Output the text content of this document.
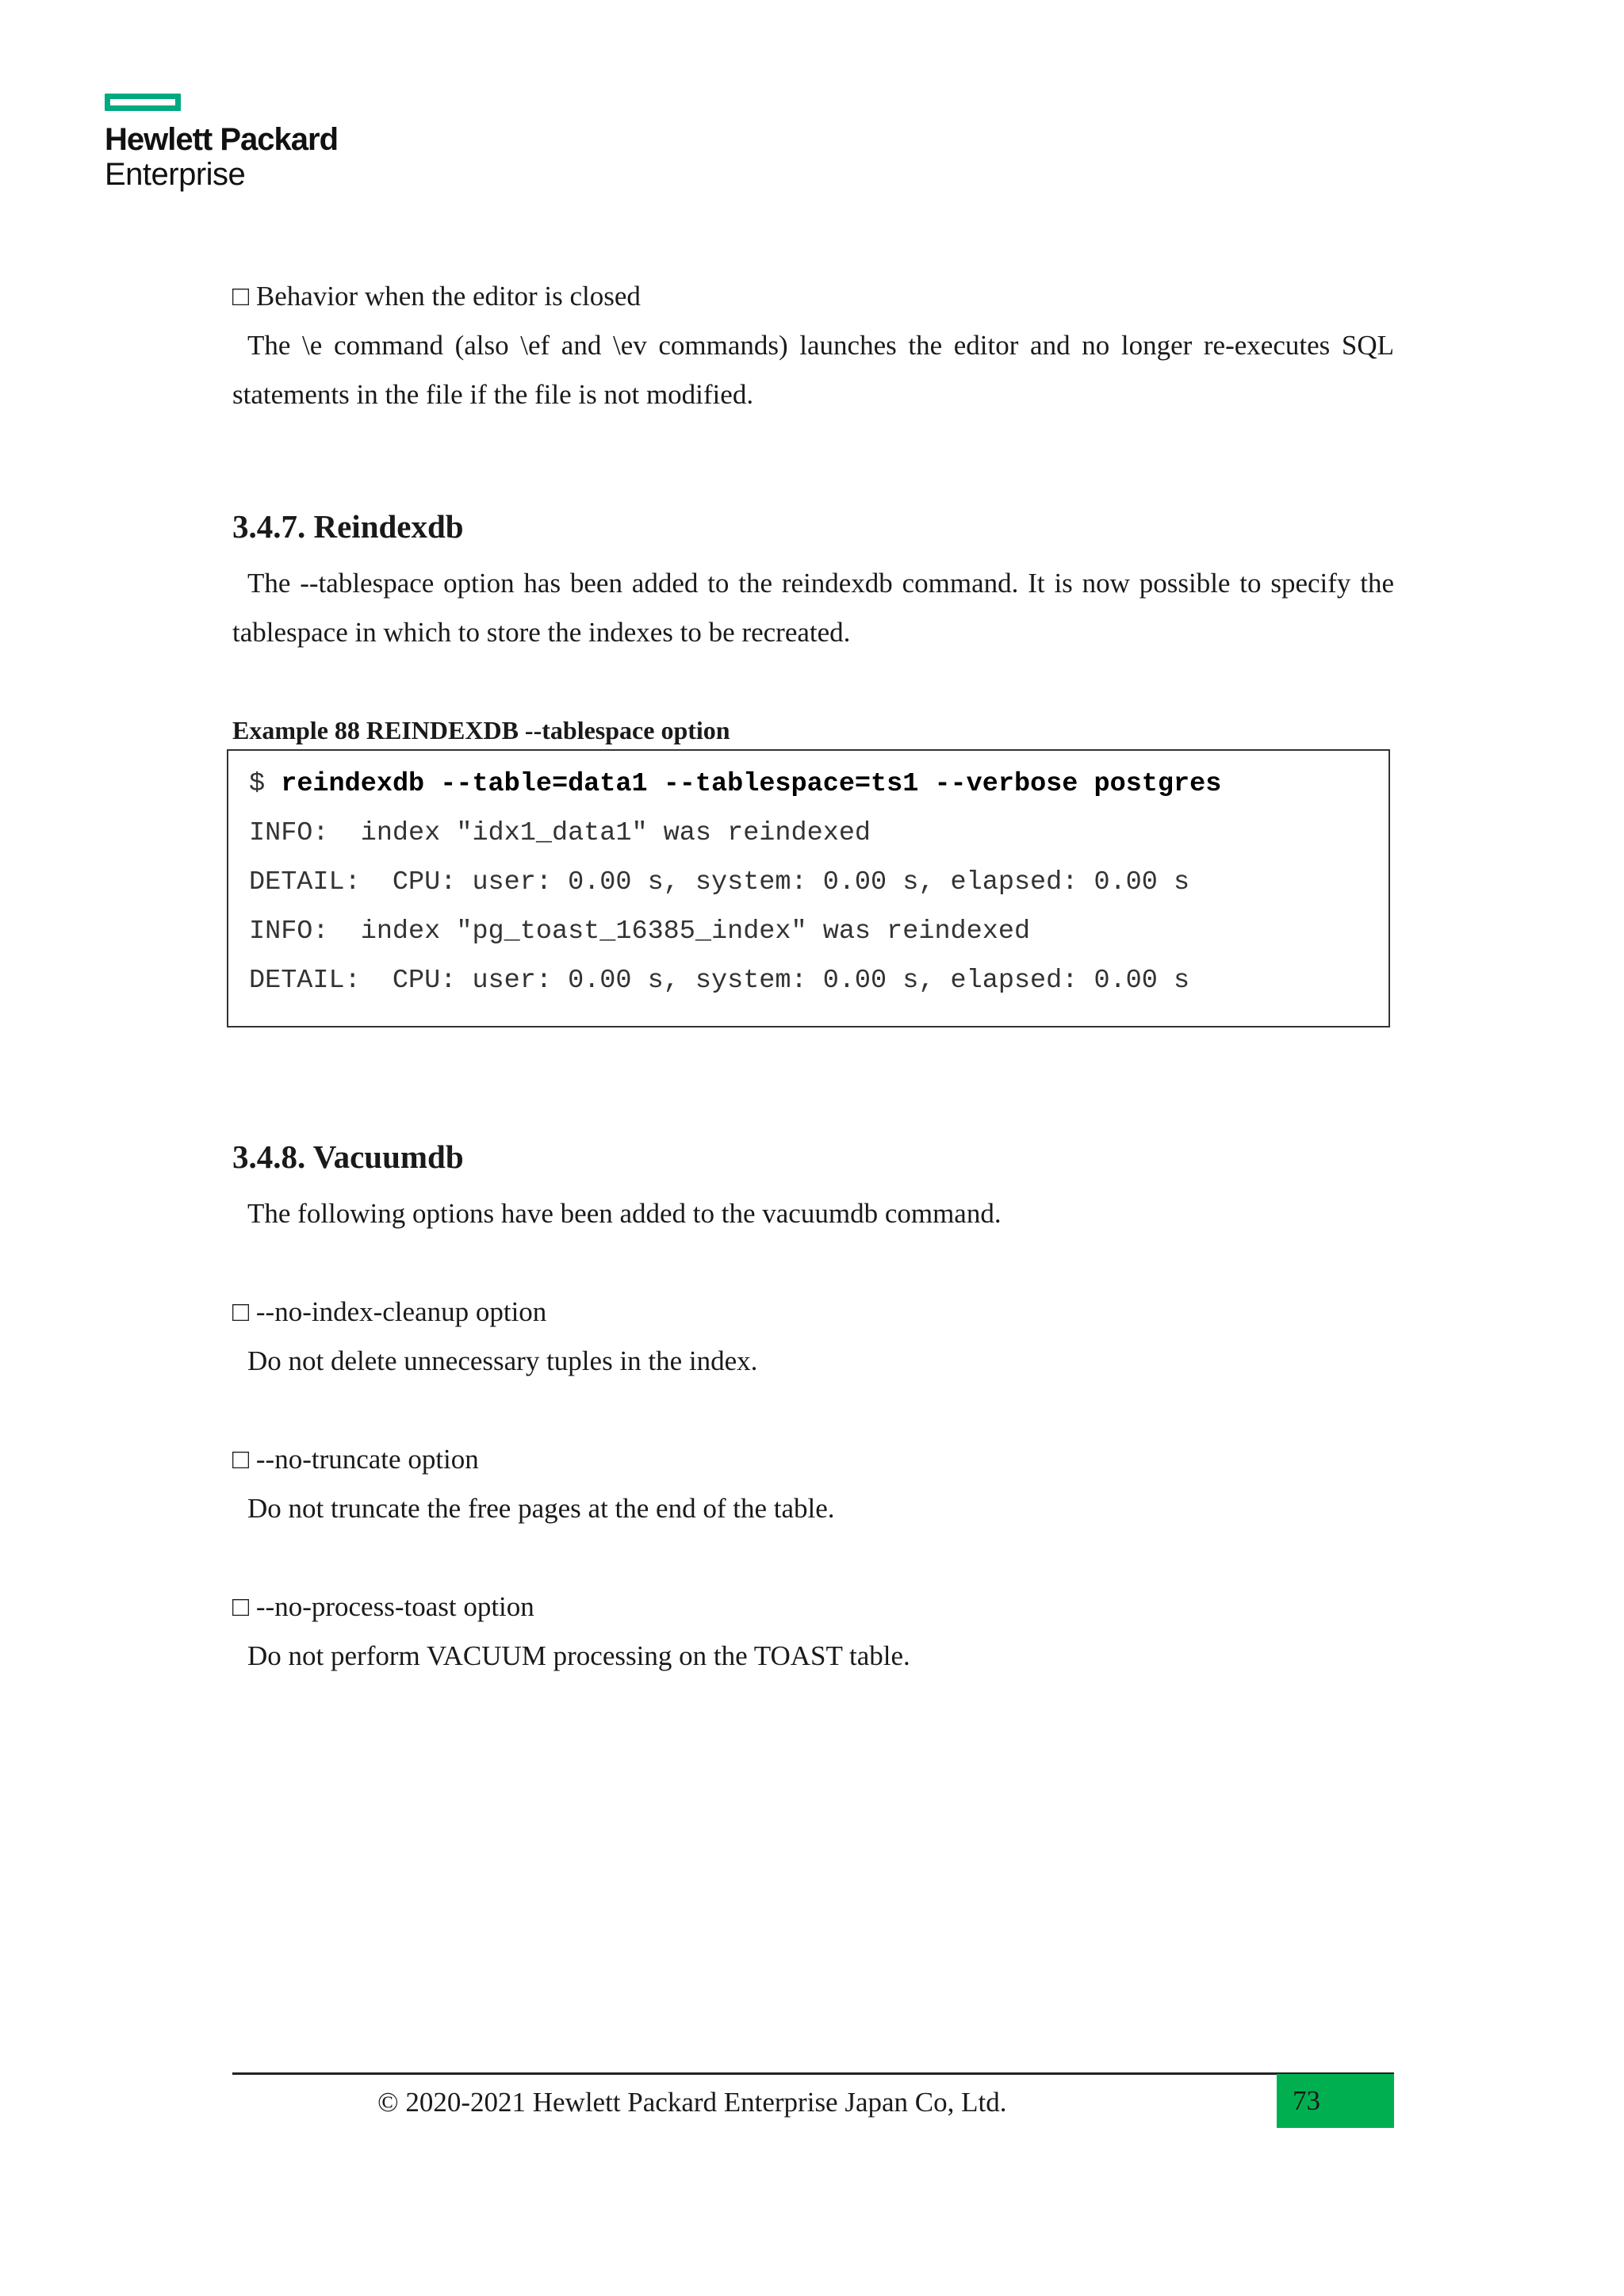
Hewlett Packard
Enterprise
□ Behavior when the editor is closed
The \e command (also \ef and \ev commands) launches the editor and no longer re-executes SQL
statements in the file if the file is not modified.
3.4.7. Reindexdb
The --tablespace option has been added to the reindexdb command. It is now possible to specify the
tablespace in which to store the indexes to be recreated.
Example 88 REINDEXDB --tablespace option
$ reindexdb --table=data1 --tablespace=ts1 --verbose postgres
INFO:  index "idx1_data1" was reindexed
DETAIL:  CPU: user: 0.00 s, system: 0.00 s, elapsed: 0.00 s
INFO:  index "pg_toast_16385_index" was reindexed
DETAIL:  CPU: user: 0.00 s, system: 0.00 s, elapsed: 0.00 s
3.4.8. Vacuumdb
The following options have been added to the vacuumdb command.
□ --no-index-cleanup option
Do not delete unnecessary tuples in the index.
□ --no-truncate option
Do not truncate the free pages at the end of the table.
□ --no-process-toast option
Do not perform VACUUM processing on the TOAST table.
© 2020-2021 Hewlett Packard Enterprise Japan Co, Ltd.	73
